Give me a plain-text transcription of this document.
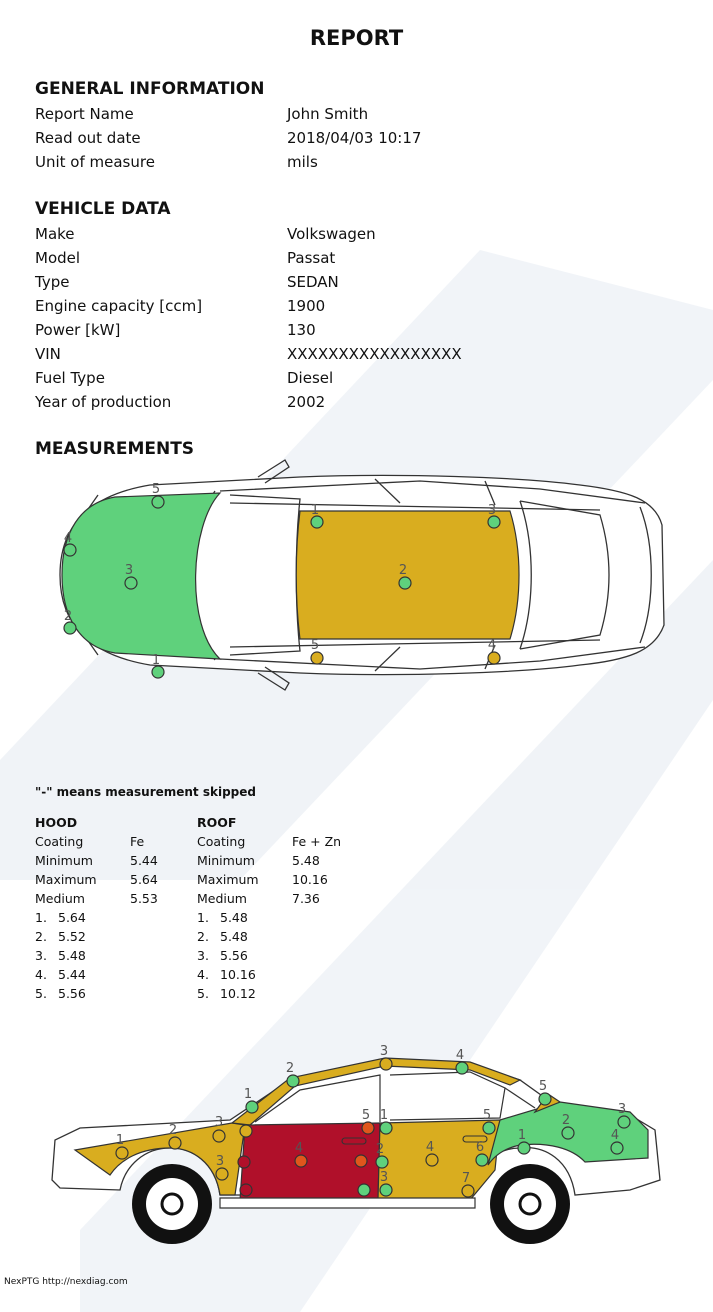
REPORT
GENERAL INFORMATION
Report Name	John Smith
Read out date	2018/04/03 10:17
Unit of measure	mils
VEHICLE DATA
Make	Volkswagen
Model	Passat
Type	SEDAN
Engine capacity [ccm]	1900
Power [kW]	130
VIN	XXXXXXXXXXXXXXXXX
Fuel Type	Diesel
Year of production	2002
MEASUREMENTS
1
2
3
4
5
1
2
3
4
5
"-" means measurement skipped
HOOD
Coating	Fe
Minimum	5.44
Maximum	5.64
Medium	5.53
1. 5.64
2. 5.52
3. 5.48
4. 5.44
5. 5.56
ROOF
Coating	Fe + Zn
Minimum	5.48
Maximum	10.16
Medium	7.36
1. 5.48
2. 5.48
3. 5.56
4. 10.16
5. 10.12
1
2
3
1
2
3	4
5
1
2
3
4
5
6
7
5
4
3
1
2
3
4
NexPTG http://nexdiag.com
